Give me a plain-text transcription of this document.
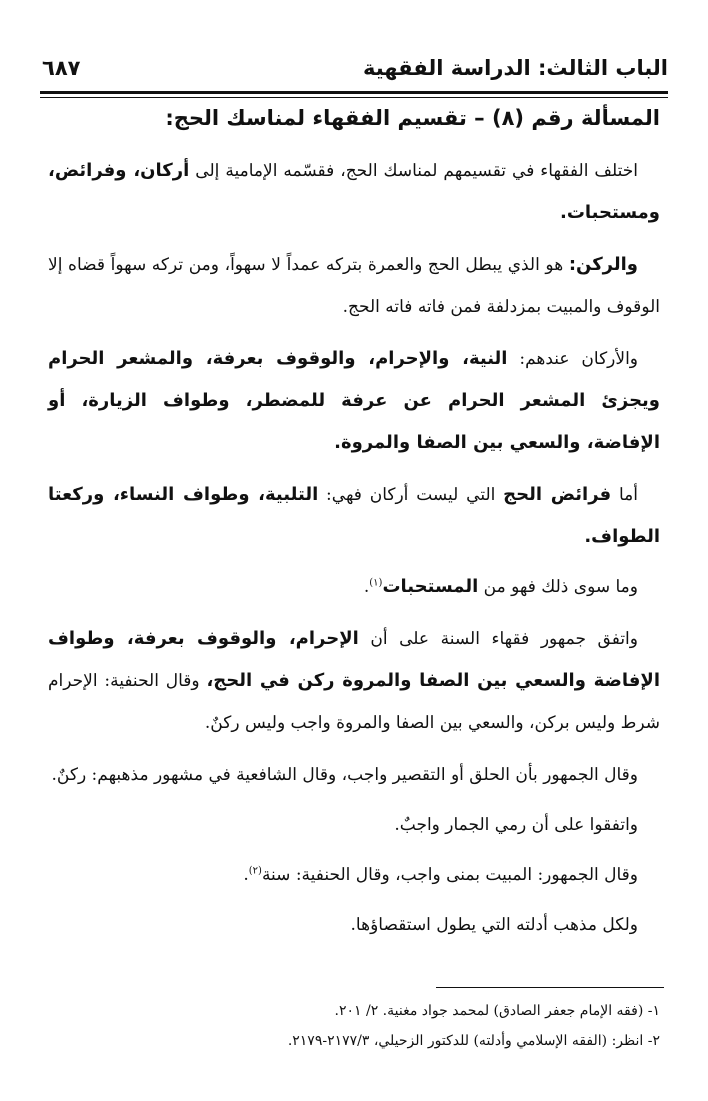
الباب الثالث: الدراسة الفقهية
٦٨٧

المسألة رقم (٨) – تقسيم الفقهاء لمناسك الحج:

اختلف الفقهاء في تقسيمهم لمناسك الحج، فقسّمه الإمامية إلى أركان، وفرائض، ومستحبات.

والركن: هو الذي يبطل الحج والعمرة بتركه عمداً لا سهواً، ومن تركه سهواً قضاه إلا الوقوف والمبيت بمزدلفة فمن فاته فاته الحج.

والأركان عندهم: النية، والإحرام، والوقوف بعرفة، والمشعر الحرام ويجزئ المشعر الحرام عن عرفة للمضطر، وطواف الزيارة، أو الإفاضة، والسعي بين الصفا والمروة.

أما فرائض الحج التي ليست أركان فهي: التلبية، وطواف النساء، وركعتا الطواف.

وما سوى ذلك فهو من المستحبات$^{(١)}$.

واتفق جمهور فقهاء السنة على أن الإحرام، والوقوف بعرفة، وطواف الإفاضة والسعي بين الصفا والمروة ركن في الحج، وقال الحنفية: الإحرام شرط وليس بركن، والسعي بين الصفا والمروة واجب وليس ركنٌ.

وقال الجمهور بأن الحلق أو التقصير واجب، وقال الشافعية في مشهور مذهبهم: ركنٌ.

واتفقوا على أن رمي الجمار واجبٌ.

وقال الجمهور: المبيت بمنى واجب، وقال الحنفية: سنة$^{(٢)}$.

ولكل مذهب أدلته التي يطول استقصاؤها.

١- (فقه الإمام جعفر الصادق) لمحمد جواد مغنية. ٢/ ٢٠١.

٢- انظر: (الفقه الإسلامي وأدلته) للدكتور الزحيلي، ٢١٧٧/٣-٢١٧٩.
